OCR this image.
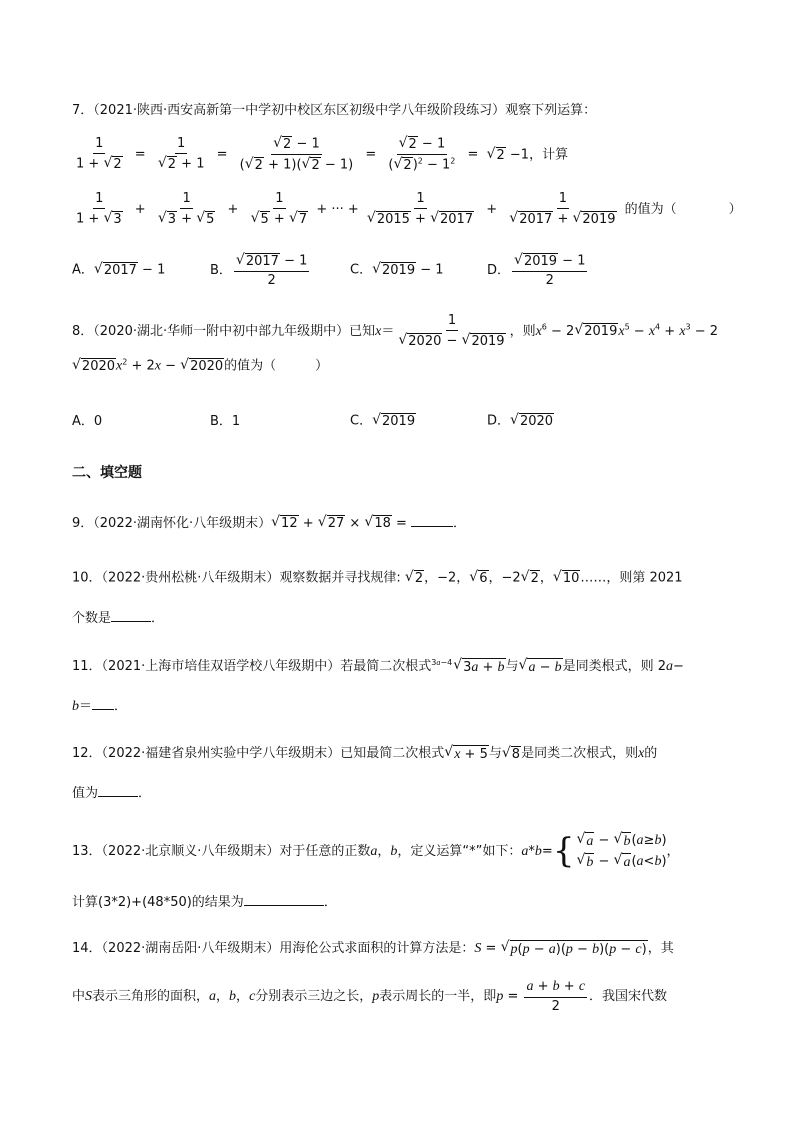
7．（2021·陕西·西安高新第一中学初中校区东区初级中学八年级阶段练习）观察下列运算：
$\frac{1}{1 + √ 2} = \frac{1}{√ 2 + 1} = \frac{√ 2 - 1}{( √ 2 + 1)( √ 2 - 1)} = \frac{√ 2 - 1}{( √ 2 )^2 - 1^2}$ = √ 2 −1，计算
$\frac{1}{1 + √ 3} + \frac{1}{√ 3 + √ 5} + \frac{1}{√ 5 + √ 7}$ + ··· + $\frac{1}{√ 2015 + √ 2017} + \frac{1}{√ 2017 + √ 2019}$ 的值为（　　　　）
A． √ 2017 − 1	B． $\frac{√ 2017 - 1}{2}$	C． √ 2019 − 1	D． $\frac{√ 2019 - 1}{2}$
8．（2020·湖北·华师一附中初中部九年级期中）已知$x= \frac{1}{√ 2020 - √ 2019}$ ，则$x^6 - 2$ √ 2019 $x^5 - x^4 + x^3 - 2$
√ 2020 $x^2 + 2x$ − √ 2020 的值为（　　　）
A．0	B．1	C． √ 2019	D． √ 2020
二、填空题
9．（2022·湖南怀化·八年级期末） √ 12 + √ 27 × √ 18 =	．
10．（2022·贵州松桃·八年级期末）观察数据并寻找规律: √ 2 ，−2， √ 6 ，−2 √ 2 ， √ 10 ……，则第 2021
个数是	．
11．（2021·上海市培佳双语学校八年级期中）若最简二次根式$^{3a-4}$ √ 3a + b 与 √ a − b 是同类根式，则 2a−
b＝ ．
12．（2022·福建省泉州实验中学八年级期末）已知最简二次根式 √ x + 5 与 √ 8 是同类二次根式，则x的
值为	．
13．（2022·北京顺义·八年级期末）对于任意的正数a，b，定义运算“*”如下：a*b= { √ a − √ b (a≥b)
√ b − √ a (a<b)
，
计算(3*2)+(48*50)的结果为	．
14．（2022·湖南岳阳·八年级期末）用海伦公式求面积的计算方法是：S = √ p(p − a)(p − b)(p − c) ，其
中S表示三角形的面积，a，b，c分别表示三边之长，p表示周长的一半，即$p = \frac{a + b + c}{2}$ ．我国宋代数
